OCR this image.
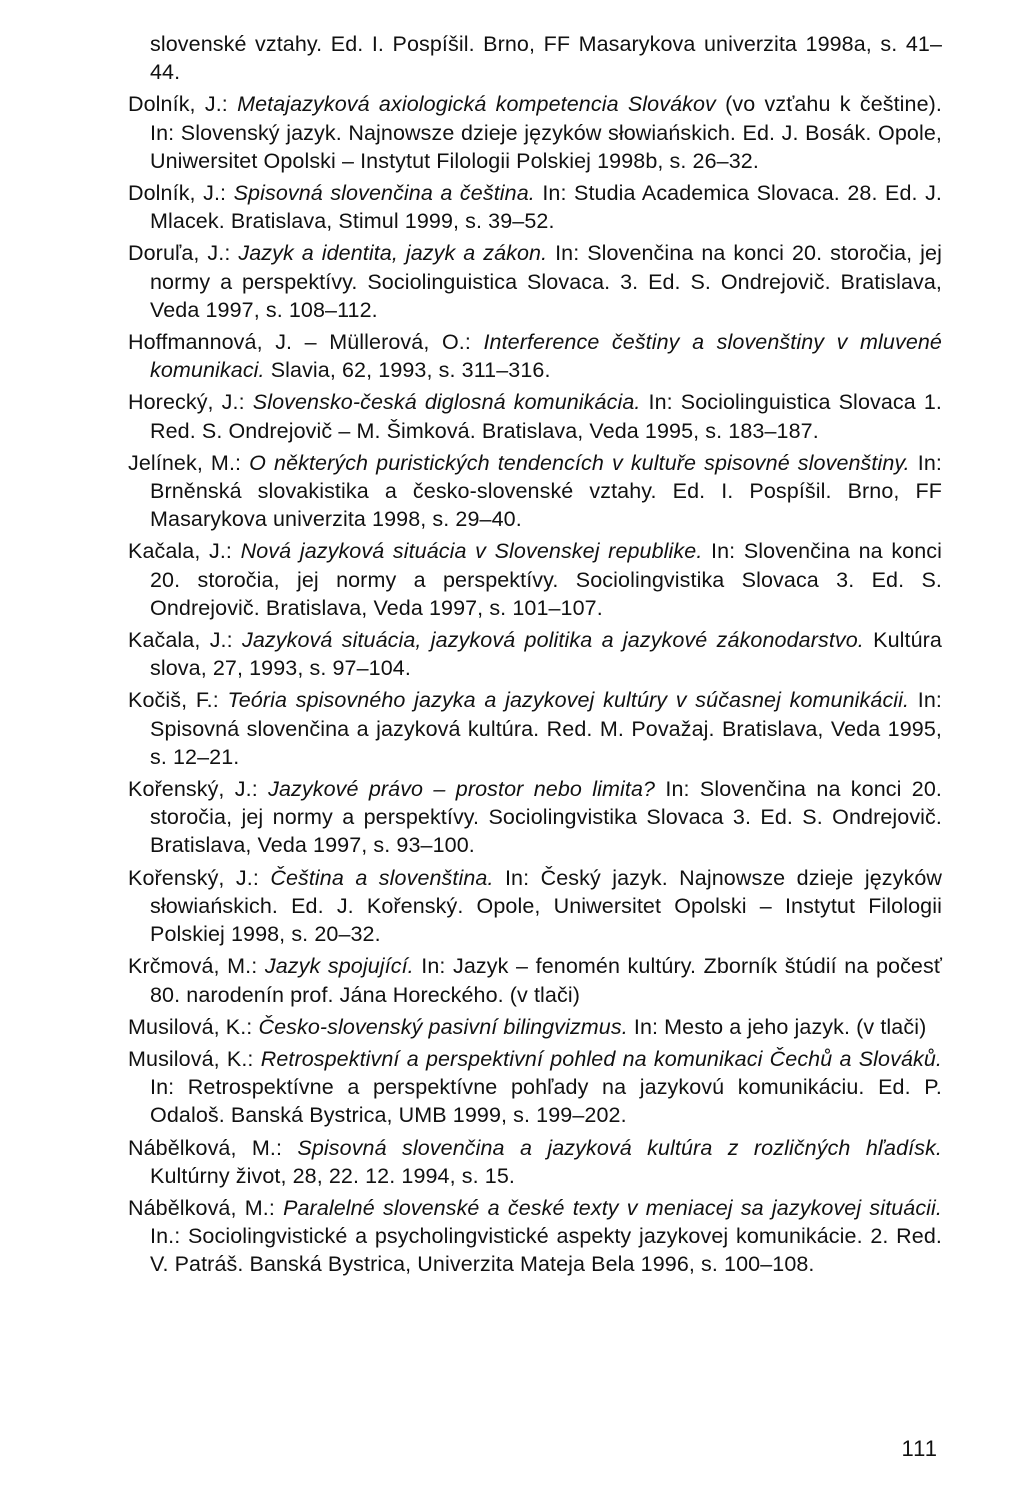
slovenské vztahy. Ed. I. Pospíšil. Brno, FF Masarykova univerzita 1998a, s. 41–44.

Dolník, J.: Metajazyková axiologická kompetencia Slovákov (vo vzťahu k češtine). In: Slovenský jazyk. Najnowsze dzieje języków słowiańskich. Ed. J. Bosák. Opole, Uniwersitet Opolski – Instytut Filologii Polskiej 1998b, s. 26–32.

Dolník, J.: Spisovná slovenčina a čeština. In: Studia Academica Slovaca. 28. Ed. J. Mlacek. Bratislava, Stimul 1999, s. 39–52.

Doruľa, J.: Jazyk a identita, jazyk a zákon. In: Slovenčina na konci 20. storočia, jej normy a perspektívy. Sociolinguistica Slovaca. 3. Ed. S. Ondrejovič. Bratislava, Veda 1997, s. 108–112.

Hoffmannová, J. – Müllerová, O.: Interference češtiny a slovenštiny v mluvené komunikaci. Slavia, 62, 1993, s. 311–316.

Horecký, J.: Slovensko-česká diglosná komunikácia. In: Sociolinguistica Slovaca 1. Red. S. Ondrejovič – M. Šimková. Bratislava, Veda 1995, s. 183–187.

Jelínek, M.: O některých puristických tendencích v kultuře spisovné slovenštiny. In: Brněnská slovakistika a česko-slovenské vztahy. Ed. I. Pospíšil. Brno, FF Masarykova univerzita 1998, s. 29–40.

Kačala, J.: Nová jazyková situácia v Slovenskej republike. In: Slovenčina na konci 20. storočia, jej normy a perspektívy. Sociolingvistika Slovaca 3. Ed. S. Ondrejovič. Bratislava, Veda 1997, s. 101–107.

Kačala, J.: Jazyková situácia, jazyková politika a jazykové zákonodarstvo. Kultúra slova, 27, 1993, s. 97–104.

Kočiš, F.: Teória spisovného jazyka a jazykovej kultúry v súčasnej komunikácii. In: Spisovná slovenčina a jazyková kultúra. Red. M. Považaj. Bratislava, Veda 1995, s. 12–21.

Kořenský, J.: Jazykové právo – prostor nebo limita? In: Slovenčina na konci 20. storočia, jej normy a perspektívy. Sociolingvistika Slovaca 3. Ed. S. Ondrejovič. Bratislava, Veda 1997, s. 93–100.

Kořenský, J.: Čeština a slovenština. In: Český jazyk. Najnowsze dzieje języków słowiańskich. Ed. J. Kořenský. Opole, Uniwersitet Opolski – Instytut Filologii Polskiej 1998, s. 20–32.

Krčmová, M.: Jazyk spojující. In: Jazyk – fenomén kultúry. Zborník štúdií na počesť 80. narodenín prof. Jána Horeckého. (v tlači)

Musilová, K.: Česko-slovenský pasivní bilingvizmus. In: Mesto a jeho jazyk. (v tlači)

Musilová, K.: Retrospektivní a perspektivní pohled na komunikaci Čechů a Slováků. In: Retrospektívne a perspektívne pohľady na jazykovú komunikáciu. Ed. P. Odaloš. Banská Bystrica, UMB 1999, s. 199–202.

Nábělková, M.: Spisovná slovenčina a jazyková kultúra z rozličných hľadísk. Kultúrny život, 28, 22. 12. 1994, s. 15.

Nábělková, M.: Paralelné slovenské a české texty v meniacej sa jazykovej situácii. In.: Sociolingvistické a psycholingvistické aspekty jazykovej komunikácie. 2. Red. V. Patráš. Banská Bystrica, Univerzita Mateja Bela 1996, s. 100–108.

111
